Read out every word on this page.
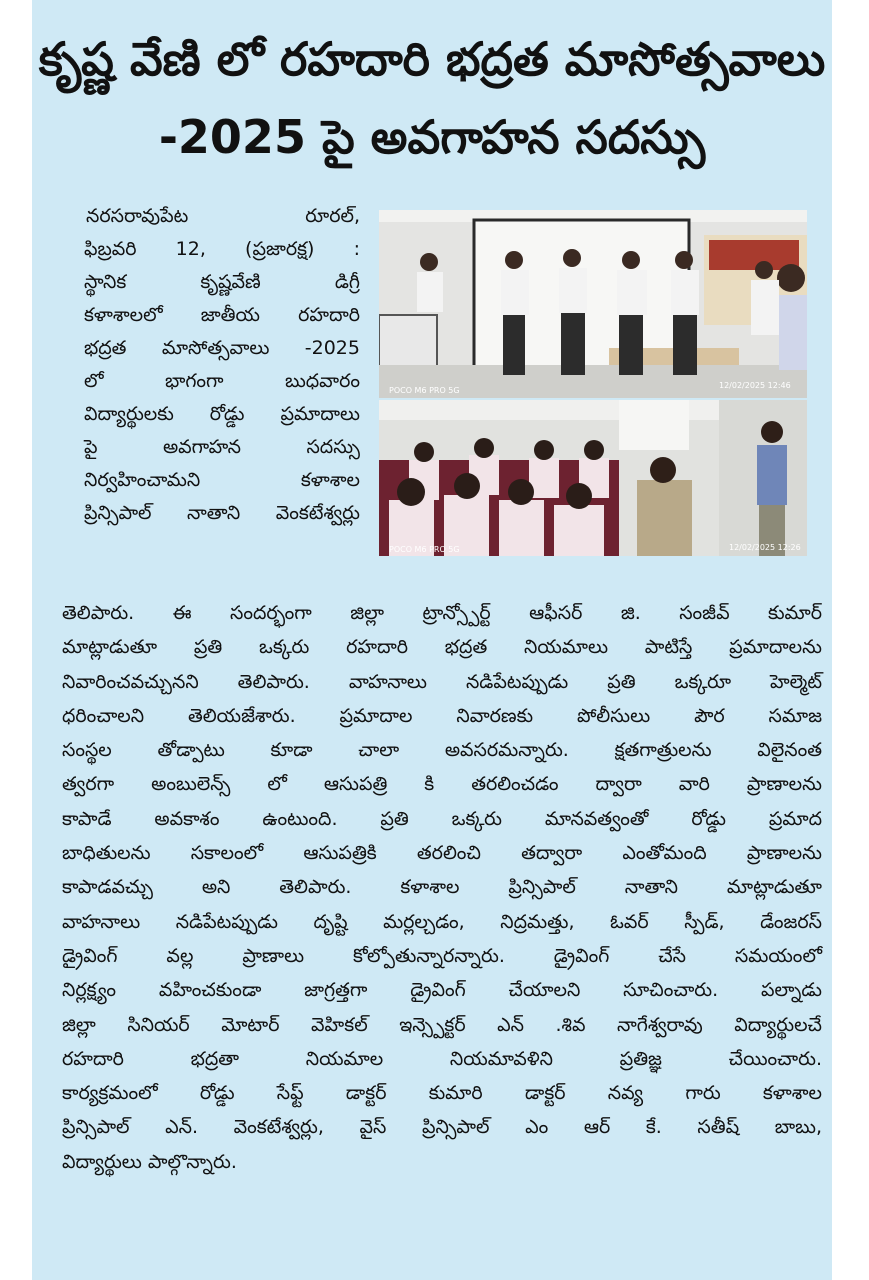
కృష్ణ వేణి లో రహదారి భద్రత మాసోత్సవాలు
-2025 పై అవగాహన సదస్సు
నరసరావుపేట రూరల్,
ఫిబ్రవరి 12, (ప్రజారక్ష) :
స్థానిక కృష్ణవేణి డిగ్రీ
కళాశాలలో జాతీయ రహదారి
భద్రత మాసోత్సవాలు -2025
లో భాగంగా బుధవారం
విద్యార్థులకు రోడ్డు ప్రమాదాలు
పై అవగాహన సదస్సు
నిర్వహించామని కళాశాల
ప్రిన్సిపాల్ నాతాని వెంకటేశ్వర్లు
POCO M6 PRO 5G
12/02/2025 12:46
POCO M6 PRO 5G	12/02/2025 12:26
తెలిపారు. ఈ సందర్భంగా జిల్లా ట్రాన్స్పోర్ట్ ఆఫీసర్ జి. సంజీవ్ కుమార్
మాట్లాడుతూ ప్రతి ఒక్కరు రహదారి భద్రత నియమాలు పాటిస్తే ప్రమాదాలను
నివారించవచ్చునని తెలిపారు. వాహనాలు నడిపేటప్పుడు ప్రతి ఒక్కరూ హెల్మెట్
ధరించాలని తెలియజేశారు. ప్రమాదాల నివారణకు పోలీసులు పౌర సమాజ
సంస్థల తోడ్పాటు కూడా చాలా అవసరమన్నారు. క్షతగాత్రులను విలైనంత
త్వరగా అంబులెన్స్ లో ఆసుపత్రి కి తరలించడం ద్వారా వారి ప్రాణాలను
కాపాడే అవకాశం ఉంటుంది. ప్రతి ఒక్కరు మానవత్వంతో రోడ్డు ప్రమాద
బాధితులను సకాలంలో ఆసుపత్రికి తరలించి తద్వారా ఎంతోమంది ప్రాణాలను
కాపాడవచ్చు అని తెలిపారు. కళాశాల ప్రిన్సిపాల్ నాతాని మాట్లాడుతూ
వాహనాలు నడిపేటప్పుడు దృష్టి మర్లల్చడం, నిద్రమత్తు, ఓవర్ స్పీడ్, డేంజరస్
డ్రైవింగ్ వల్ల ప్రాణాలు కోల్పోతున్నారన్నారు. డ్రైవింగ్ చేసే సమయంలో
నిర్లక్ష్యం వహించకుండా జాగ్రత్తగా డ్రైవింగ్ చేయాలని సూచించారు. పల్నాడు
జిల్లా సినియర్ మోటార్ వెహికల్ ఇన్స్పెక్టర్ ఎన్ .శివ నాగేశ్వరావు విద్యార్థులచే
రహదారి భద్రతా నియమాల నియమావళిని ప్రతిజ్ఞ చేయించారు.
కార్యక్రమంలో రోడ్డు సేఫ్ట్ డాక్టర్ కుమారి డాక్టర్ నవ్య గారు కళాశాల
ప్రిన్సిపాల్ ఎన్. వెంకటేశ్వర్లు, వైస్ ప్రిన్సిపాల్ ఎం ఆర్ కే. సతీష్ బాబు,
విద్యార్థులు పాల్గొన్నారు.
